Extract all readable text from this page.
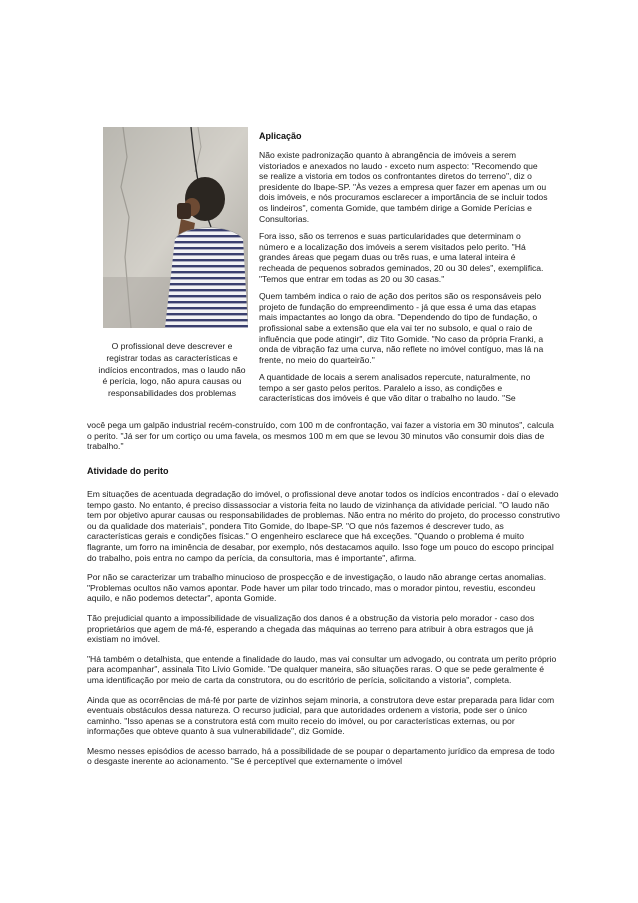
O profissional deve descrever e registrar todas as características e indícios encontrados, mas o laudo não é perícia, logo, não apura causas ou responsabilidades dos problemas
Aplicação

Não existe padronização quanto à abrangência de imóveis a serem vistoriados e anexados no laudo - exceto num aspecto: "Recomendo que se realize a vistoria em todos os confrontantes diretos do terreno", diz o presidente do Ibape-SP. "Às vezes a empresa quer fazer em apenas um ou dois imóveis, e nós procuramos esclarecer a importância de se incluir todos os lindeiros", comenta Gomide, que também dirige a Gomide Perícias e Consultorias.

Fora isso, são os terrenos e suas particularidades que determinam o número e a localização dos imóveis a serem visitados pelo perito. "Há grandes áreas que pegam duas ou três ruas, e uma lateral inteira é recheada de pequenos sobrados geminados, 20 ou 30 deles", exemplifica. "Temos que entrar em todas as 20 ou 30 casas."

Quem também indica o raio de ação dos peritos são os responsáveis pelo projeto de fundação do empreendimento - já que essa é uma das etapas mais impactantes ao longo da obra. "Dependendo do tipo de fundação, o profissional sabe a extensão que ela vai ter no subsolo, e qual o raio de influência que pode atingir", diz Tito Gomide. "No caso da própria Franki, a onda de vibração faz uma curva, não reflete no imóvel contíguo, mas lá na frente, no meio do quarteirão."

A quantidade de locais a serem analisados repercute, naturalmente, no tempo a ser gasto pelos peritos. Paralelo a isso, as condições e características dos imóveis é que vão ditar o trabalho no laudo. "Se

você pega um galpão industrial recém-construído, com 100 m de confrontação, vai fazer a vistoria em 30 minutos", calcula o perito. "Já ser for um cortiço ou uma favela, os mesmos 100 m em que se levou 30 minutos vão consumir dois dias de trabalho."
Atividade do perito

Em situações de acentuada degradação do imóvel, o profissional deve anotar todos os indícios encontrados - daí o elevado tempo gasto. No entanto, é preciso dissassociar a vistoria feita no laudo de vizinhança da atividade pericial. "O laudo não tem por objetivo apurar causas ou responsabilidades de problemas. Não entra no mérito do projeto, do processo construtivo ou da qualidade dos materiais", pondera Tito Gomide, do Ibape-SP. "O que nós fazemos é descrever tudo, as características gerais e condições físicas." O engenheiro esclarece que há exceções. "Quando o problema é muito flagrante, um forro na iminência de desabar, por exemplo, nós destacamos aquilo. Isso foge um pouco do escopo principal do trabalho, pois entra no campo da perícia, da consultoria, mas é importante", afirma.

Por não se caracterizar um trabalho minucioso de prospecção e de investigação, o laudo não abrange certas anomalias. "Problemas ocultos não vamos apontar. Pode haver um pilar todo trincado, mas o morador pintou, revestiu, escondeu aquilo, e não podemos detectar", aponta Gomide.

Tão prejudicial quanto a impossibilidade de visualização dos danos é a obstrução da vistoria pelo morador - caso dos proprietários que agem de má-fé, esperando a chegada das máquinas ao terreno para atribuir à obra estragos que já existiam no imóvel.

"Há também o detalhista, que entende a finalidade do laudo, mas vai consultar um advogado, ou contrata um perito próprio para acompanhar", assinala Tito Lívio Gomide. "De qualquer maneira, são situações raras. O que se pede geralmente é uma identificação por meio de carta da construtora, ou do escritório de perícia, solicitando a vistoria", completa.

Ainda que as ocorrências de má-fé por parte de vizinhos sejam minoria, a construtora deve estar preparada para lidar com eventuais obstáculos dessa natureza. O recurso judicial, para que autoridades ordenem a vistoria, pode ser o único caminho. "Isso apenas se a construtora está com muito receio do imóvel, ou por características externas, ou por informações que obteve quanto à sua vulnerabilidade", diz Gomide.

Mesmo nesses episódios de acesso barrado, há a possibilidade de se poupar o departamento jurídico da empresa de todo o desgaste inerente ao acionamento. "Se é perceptível que externamente o imóvel
